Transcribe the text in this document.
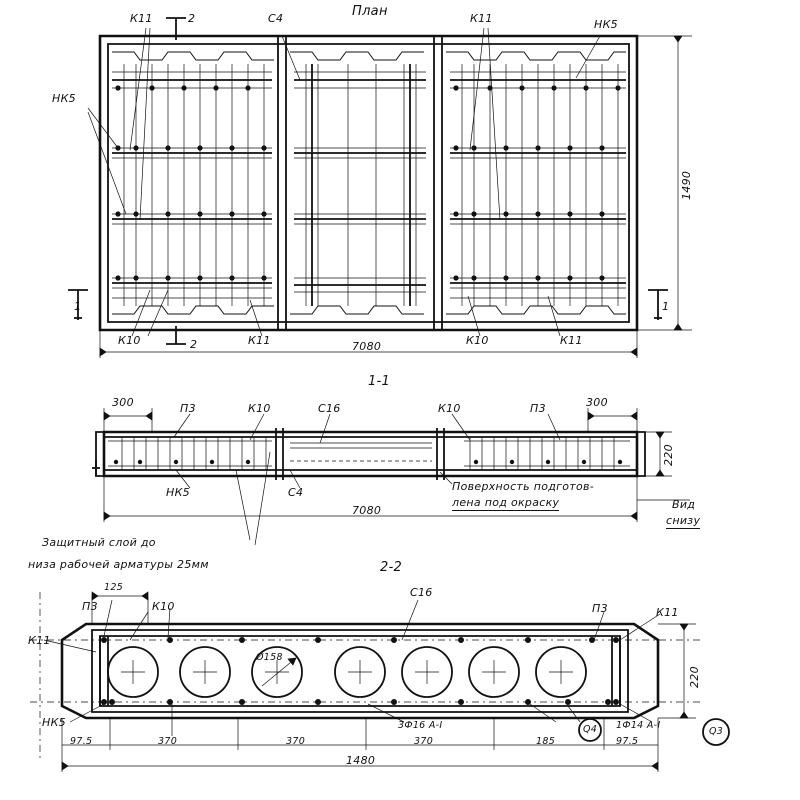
План
К11	2	С4	К11	НК5
НК5
К10	2	К11	К10	К11
1	1
7080
1490
1-1
300	П3	К10	С16	К10	П3	300
НК5	С4
7080
220
Поверхность подготов-
лена под окраску	Вид
снизу
Защитный слой до
низа рабочей арматуры 25мм	2-2
125
П3	К10
С16
П3	К11
К11
НК5
Ø158
3Ф16 A-I	1Ф14 A-I
Q4	Q3
97.5	370	370	370	185	97.5
1480
220
